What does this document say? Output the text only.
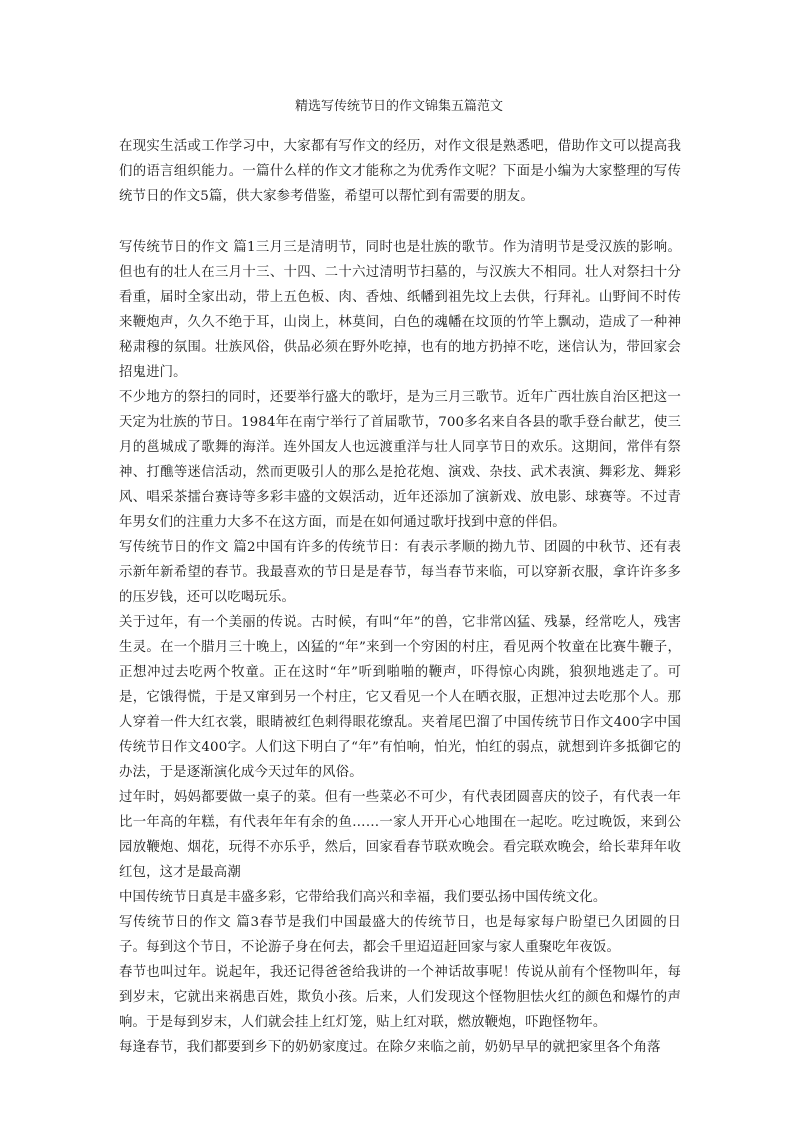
精选写传统节日的作文锦集五篇范文

在现实生活或工作学习中，大家都有写作文的经历，对作文很是熟悉吧，借助作文可以提高我们的语言组织能力。一篇什么样的作文才能称之为优秀作文呢？下面是小编为大家整理的写传统节日的作文5篇，供大家参考借鉴，希望可以帮忙到有需要的朋友。

写传统节日的作文 篇1三月三是清明节，同时也是壮族的歌节。作为清明节是受汉族的影响。但也有的壮人在三月十三、十四、二十六过清明节扫墓的，与汉族大不相同。壮人对祭扫十分看重，届时全家出动，带上五色板、肉、香烛、纸幡到祖先坟上去供，行拜礼。山野间不时传来鞭炮声，久久不绝于耳，山岗上，林莫间，白色的魂幡在坟顶的竹竿上飘动，造成了一种神秘肃穆的氛围。壮族风俗，供品必须在野外吃掉，也有的地方扔掉不吃，迷信认为，带回家会招鬼进门。

不少地方的祭扫的同时，还要举行盛大的歌圩，是为三月三歌节。近年广西壮族自治区把这一天定为壮族的节日。1984年在南宁举行了首届歌节，700多名来自各县的歌手登台献艺，使三月的邕城成了歌舞的海洋。连外国友人也远渡重洋与壮人同享节日的欢乐。这期间，常伴有祭神、打醮等迷信活动，然而更吸引人的那么是抢花炮、演戏、杂技、武术表演、舞彩龙、舞彩风、唱采茶擂台赛诗等多彩丰盛的文娱活动，近年还添加了演新戏、放电影、球赛等。不过青年男女们的注重力大多不在这方面，而是在如何通过歌圩找到中意的伴侣。

写传统节日的作文 篇2中国有许多的传统节日：有表示孝顺的拗九节、团圆的中秋节、还有表示新年新希望的春节。我最喜欢的节日是是春节，每当春节来临，可以穿新衣服，拿许许多多的压岁钱，还可以吃喝玩乐。

关于过年，有一个美丽的传说。古时候，有叫“年”的兽，它非常凶猛、残暴，经常吃人，残害生灵。在一个腊月三十晚上，凶猛的“年”来到一个穷困的村庄，看见两个牧童在比赛牛鞭子，正想冲过去吃两个牧童。正在这时“年”听到啪啪的鞭声，吓得惊心肉跳，狼狈地逃走了。可是，它饿得慌，于是又窜到另一个村庄，它又看见一个人在晒衣服，正想冲过去吃那个人。那人穿着一件大红衣裳，眼睛被红色刺得眼花缭乱。夹着尾巴溜了中国传统节日作文400字中国传统节日作文400字。人们这下明白了“年”有怕响，怕光，怕红的弱点，就想到许多抵御它的办法，于是逐渐演化成今天过年的风俗。

过年时，妈妈都要做一桌子的菜。但有一些菜必不可少，有代表团圆喜庆的饺子，有代表一年比一年高的年糕，有代表年年有余的鱼……一家人开开心心地围在一起吃。吃过晚饭，来到公园放鞭炮、烟花，玩得不亦乐乎，然后，回家看春节联欢晚会。看完联欢晚会，给长辈拜年收红包，这才是最高潮

中国传统节日真是丰盛多彩，它带给我们高兴和幸福，我们要弘扬中国传统文化。

写传统节日的作文 篇3春节是我们中国最盛大的传统节日，也是每家每户盼望已久团圆的日子。每到这个节日，不论游子身在何去，都会千里迢迢赶回家与家人重聚吃年夜饭。

春节也叫过年。说起年，我还记得爸爸给我讲的一个神话故事呢！传说从前有个怪物叫年，每到岁末，它就出来祸患百姓，欺负小孩。后来，人们发现这个怪物胆怯火红的颜色和爆竹的声响。于是每到岁末，人们就会挂上红灯笼，贴上红对联，燃放鞭炮，吓跑怪物年。

每逢春节，我们都要到乡下的奶奶家度过。在除夕来临之前，奶奶早早的就把家里各个角落
